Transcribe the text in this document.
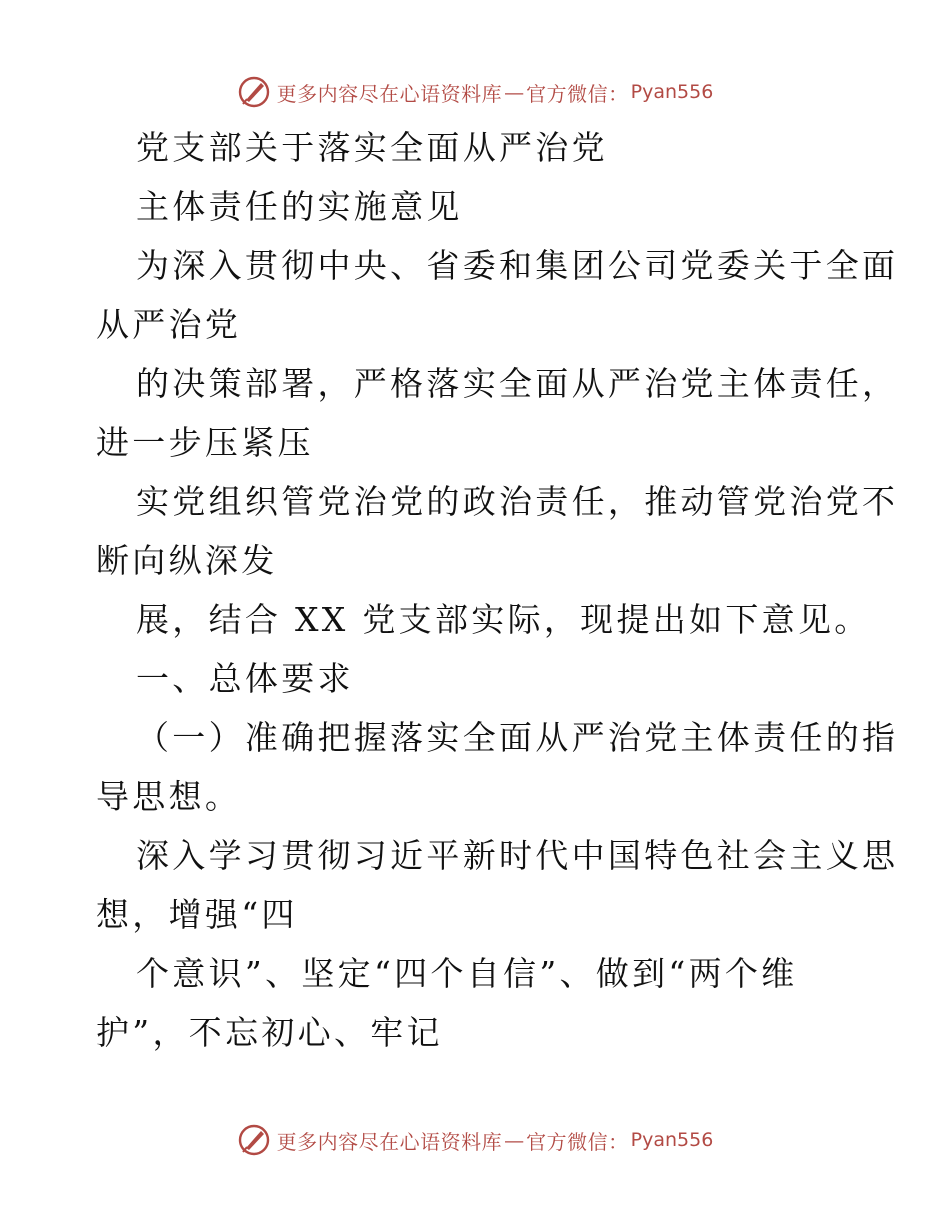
更多内容尽在心语资料库 — 官方微信： Pyan556
党支部关于落实全面从严治党
主体责任的实施意见
为深入贯彻中央、省委和集团公司党委关于全面
从严治党
的决策部署，严格落实全面从严治党主体责任，
进一步压紧压
实党组织管党治党的政治责任，推动管党治党不
断向纵深发
展，结合 XX 党支部实际，现提出如下意见。
一、总体要求
（一）准确把握落实全面从严治党主体责任的指
导思想。
深入学习贯彻习近平新时代中国特色社会主义思
想，增强“四
个意识”、坚定“四个自信”、做到“两个维
护”，不忘初心、牢记
更多内容尽在心语资料库 — 官方微信： Pyan556
